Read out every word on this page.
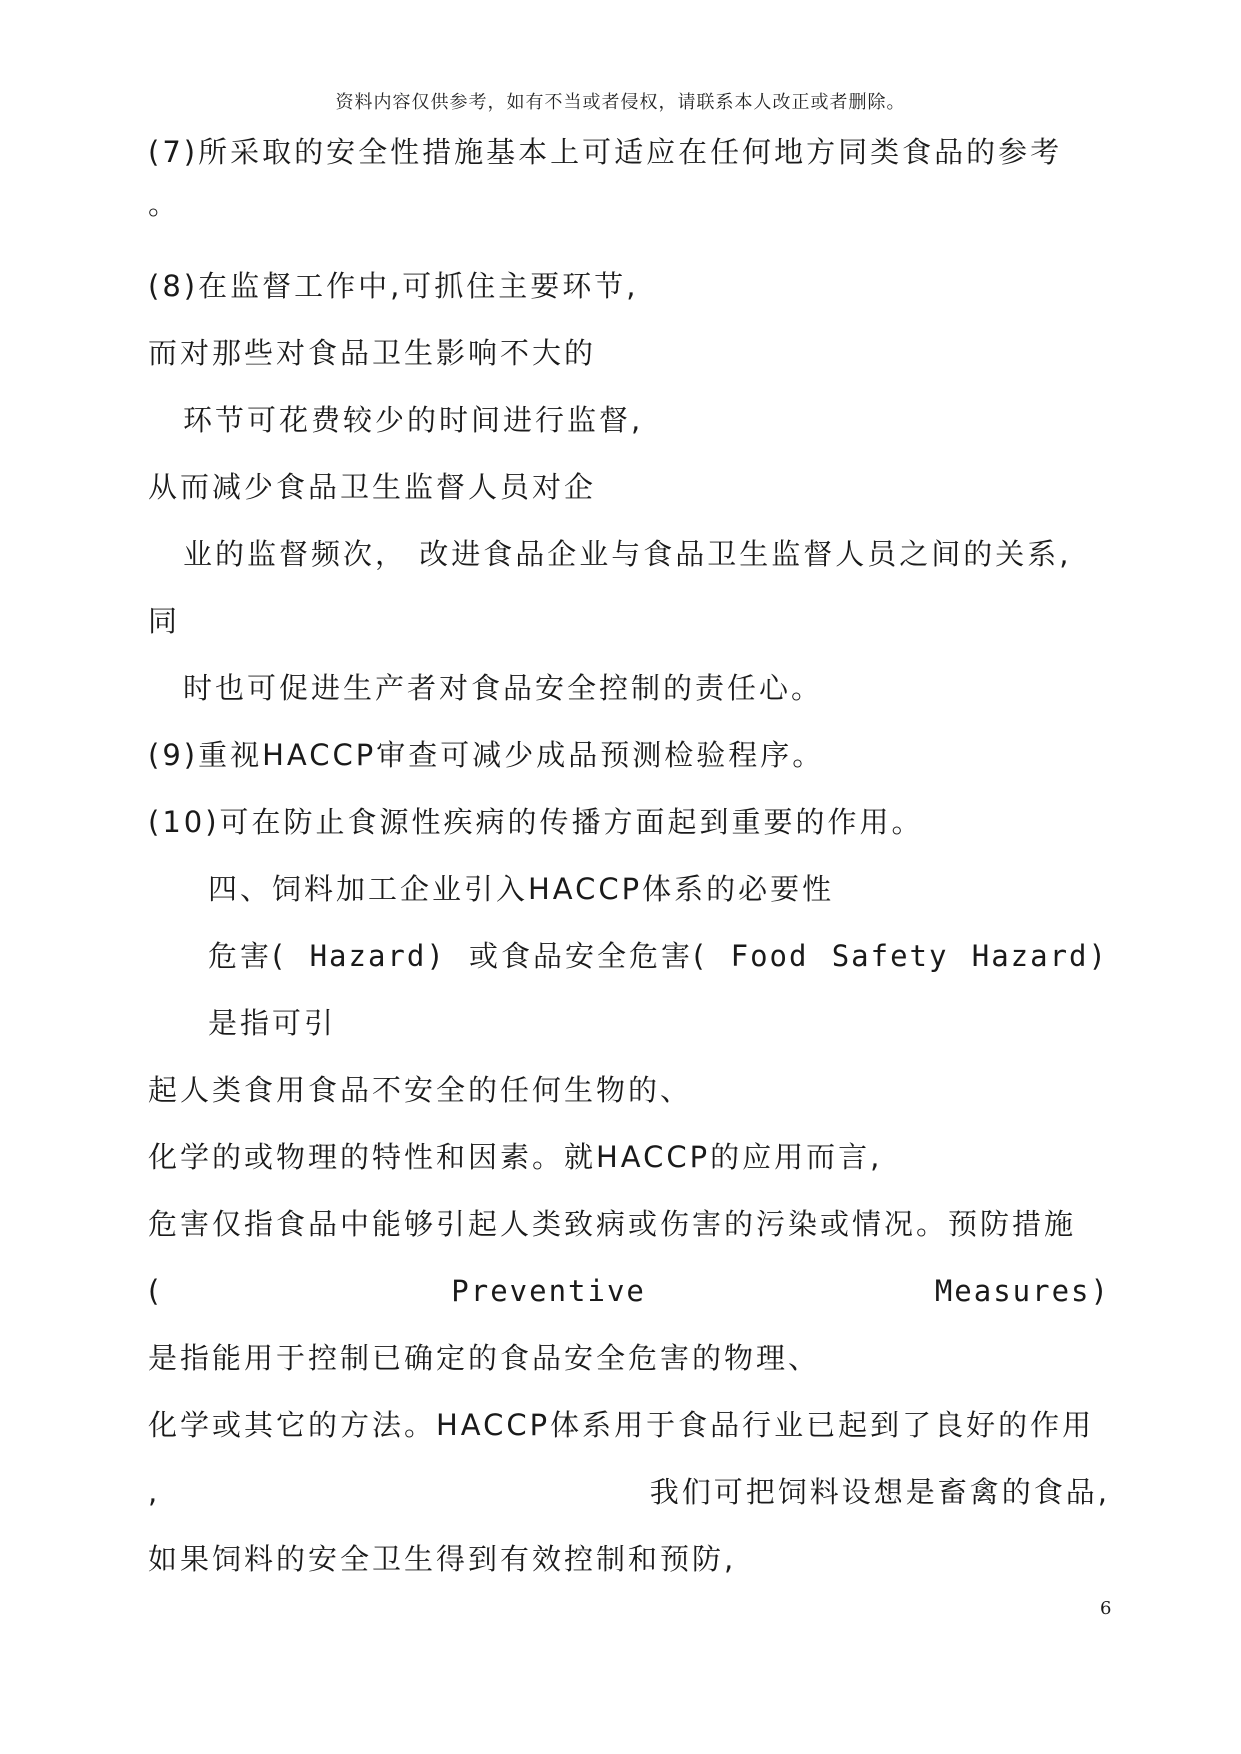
资料内容仅供参考，如有不当或者侵权，请联系本人改正或者删除。
(7)所采取的安全性措施基本上可适应在任何地方同类食品的参考
。
(8)在监督工作中,可抓住主要环节,
而对那些对食品卫生影响不大的
环节可花费较少的时间进行监督,
从而减少食品卫生监督人员对企
业的监督频次， 改进食品企业与食品卫生监督人员之间的关系,
同
时也可促进生产者对食品安全控制的责任心。
(9)重视HACCP审查可减少成品预测检验程序。
(10)可在防止食源性疾病的传播方面起到重要的作用。
四、饲料加工企业引入HACCP体系的必要性
危害( Hazard) 或食品安全危害( Food Safety Hazard)
是指可引
起人类食用食品不安全的任何生物的、
化学的或物理的特性和因素。就HACCP的应用而言,
危害仅指食品中能够引起人类致病或伤害的污染或情况。预防措施
(	Preventive	Measures)
是指能用于控制已确定的食品安全危害的物理、
化学或其它的方法。HACCP体系用于食品行业已起到了良好的作用
,	我们可把饲料设想是畜禽的食品,
如果饲料的安全卫生得到有效控制和预防,
6
